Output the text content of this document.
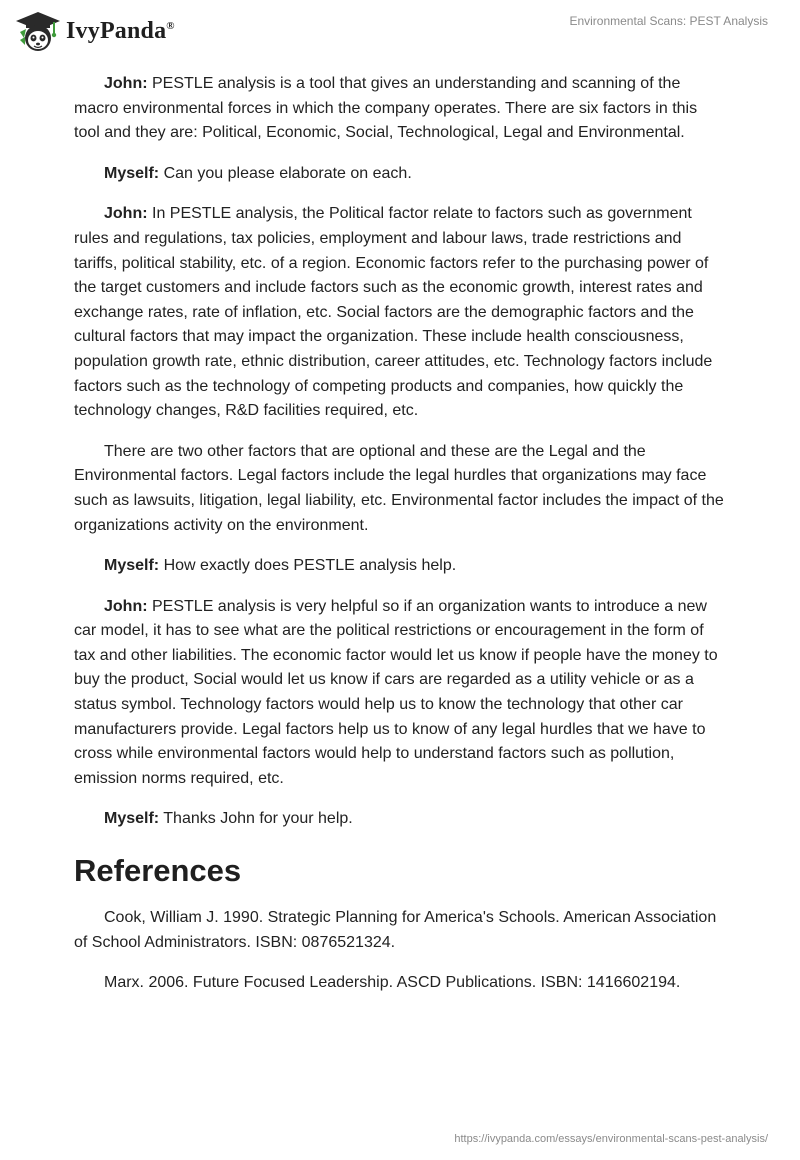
IvyPanda®	Environmental Scans: PEST Analysis

John: PESTLE analysis is a tool that gives an understanding and scanning of the macro environmental forces in which the company operates. There are six factors in this tool and they are: Political, Economic, Social, Technological, Legal and Environmental.

Myself: Can you please elaborate on each.

John: In PESTLE analysis, the Political factor relate to factors such as government rules and regulations, tax policies, employment and labour laws, trade restrictions and tariffs, political stability, etc. of a region. Economic factors refer to the purchasing power of the target customers and include factors such as the economic growth, interest rates and exchange rates, rate of inflation, etc. Social factors are the demographic factors and the cultural factors that may impact the organization. These include health consciousness, population growth rate, ethnic distribution, career attitudes, etc. Technology factors include factors such as the technology of competing products and companies, how quickly the technology changes, R&D facilities required, etc.

There are two other factors that are optional and these are the Legal and the Environmental factors. Legal factors include the legal hurdles that organizations may face such as lawsuits, litigation, legal liability, etc. Environmental factor includes the impact of the organizations activity on the environment.

Myself: How exactly does PESTLE analysis help.

John: PESTLE analysis is very helpful so if an organization wants to introduce a new car model, it has to see what are the political restrictions or encouragement in the form of tax and other liabilities. The economic factor would let us know if people have the money to buy the product, Social would let us know if cars are regarded as a utility vehicle or as a status symbol. Technology factors would help us to know the technology that other car manufacturers provide. Legal factors help us to know of any legal hurdles that we have to cross while environmental factors would help to understand factors such as pollution, emission norms required, etc.

Myself: Thanks John for your help.

References

Cook, William J. 1990. Strategic Planning for America's Schools. American Association of School Administrators. ISBN: 0876521324.

Marx. 2006. Future Focused Leadership. ASCD Publications. ISBN: 1416602194.

https://ivypanda.com/essays/environmental-scans-pest-analysis/
